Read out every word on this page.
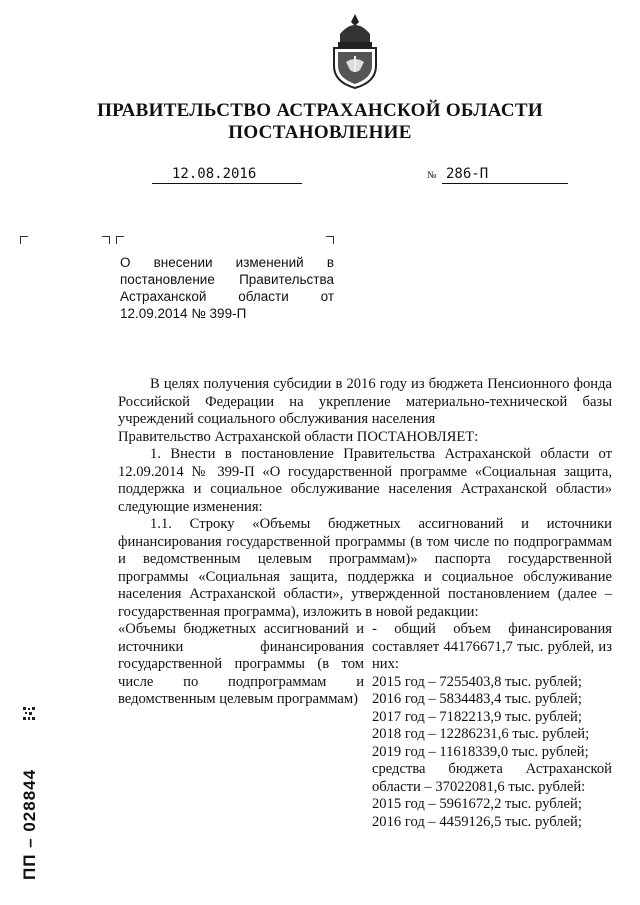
ПРАВИТЕЛЬСТВО АСТРАХАНСКОЙ ОБЛАСТИ
ПОСТАНОВЛЕНИЕ
12.08.2016	№ 286-П
О внесении изменений в постановление Правительства Астраханской области от 12.09.2014 № 399-П

В целях получения субсидии в 2016 году из бюджета Пенсионного фонда Российской Федерации на укрепление материально-технической базы учреждений социального обслуживания населения

Правительство Астраханской области ПОСТАНОВЛЯЕТ:

1. Внести в постановление Правительства Астраханской области от 12.09.2014 № 399-П «О государственной программе «Социальная защита, поддержка и социальное обслуживание населения Астраханской области» следующие изменения:

1.1. Строку «Объемы бюджетных ассигнований и источники финансирования государственной программы (в том числе по подпрограммам и ведомственным целевым программам)» паспорта государственной программы «Социальная защита, поддержка и социальное обслуживание населения Астраханской области», утвержденной постановлением (далее – государственная программа), изложить в новой редакции:

«Объемы бюджетных ассигнований и источники финансирования государственной программы (в том числе по подпрограммам и ведомственным целевым программам)

- общий объем финансирования составляет 44176671,7 тыс. рублей, из них:

2015 год – 7255403,8 тыс. рублей;

2016 год – 5834483,4 тыс. рублей;

2017 год – 7182213,9 тыс. рублей;

2018 год – 12286231,6 тыс. рублей;

2019 год – 11618339,0 тыс. рублей;

средства бюджета Астраханской области – 37022081,6 тыс. рублей:

2015 год – 5961672,2 тыс. рублей;

2016 год – 4459126,5 тыс. рублей;

ПП – 028844
